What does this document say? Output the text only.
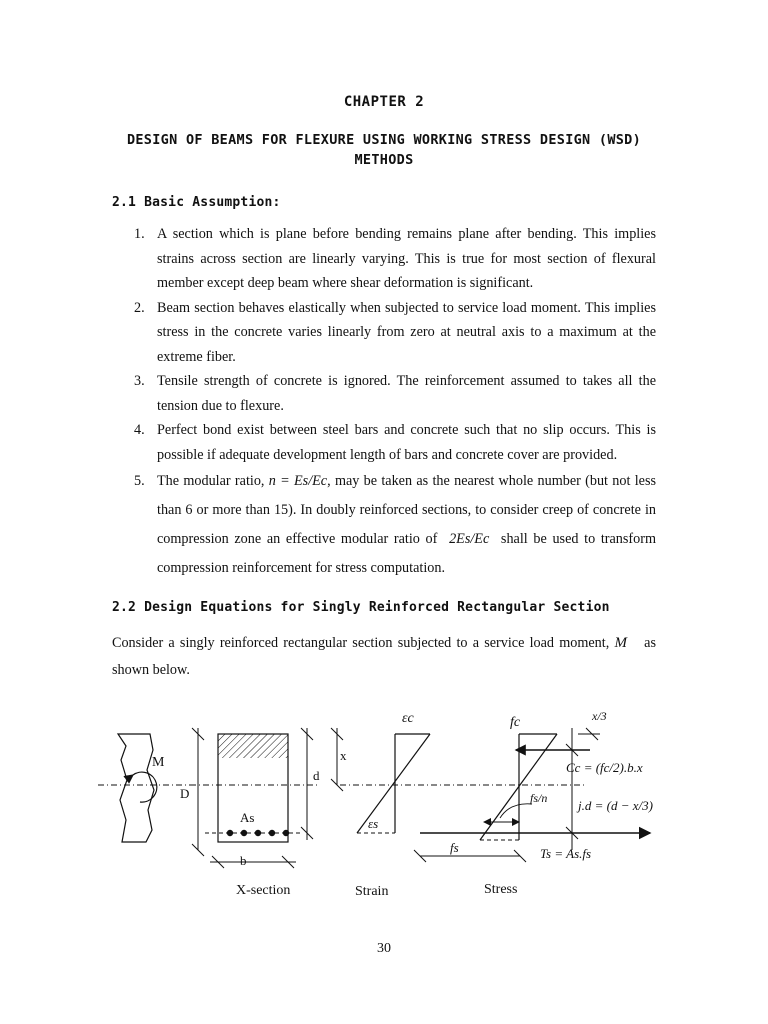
CHAPTER 2
DESIGN OF BEAMS FOR FLEXURE USING WORKING STRESS DESIGN (WSD) METHODS
2.1 Basic Assumption:
1. A section which is plane before bending remains plane after bending. This implies strains across section are linearly varying. This is true for most section of flexural member except deep beam where shear deformation is significant.
2. Beam section behaves elastically when subjected to service load moment. This implies stress in the concrete varies linearly from zero at neutral axis to a maximum at the extreme fiber.
3. Tensile strength of concrete is ignored. The reinforcement assumed to takes all the tension due to flexure.
4. Perfect bond exist between steel bars and concrete such that no slip occurs. This is possible if adequate development length of bars and concrete cover are provided.
5. The modular ratio, n = Es/Ec, may be taken as the nearest whole number (but not less than 6 or more than 15). In doubly reinforced sections, to consider creep of concrete in compression zone an effective modular ratio of 2Es/Ec shall be used to transform compression reinforcement for stress computation.
2.2 Design Equations for Singly Reinforced Rectangular Section
Consider a singly reinforced rectangular section subjected to a service load moment, M as shown below.
M
As
D
d
x
b
X-section
εc
εs
Strain
fc	x/3
Cc = (fc/2).b.x
fs/n j.d = (d − x/3)
fs	Ts = As.fs
Stress
30
